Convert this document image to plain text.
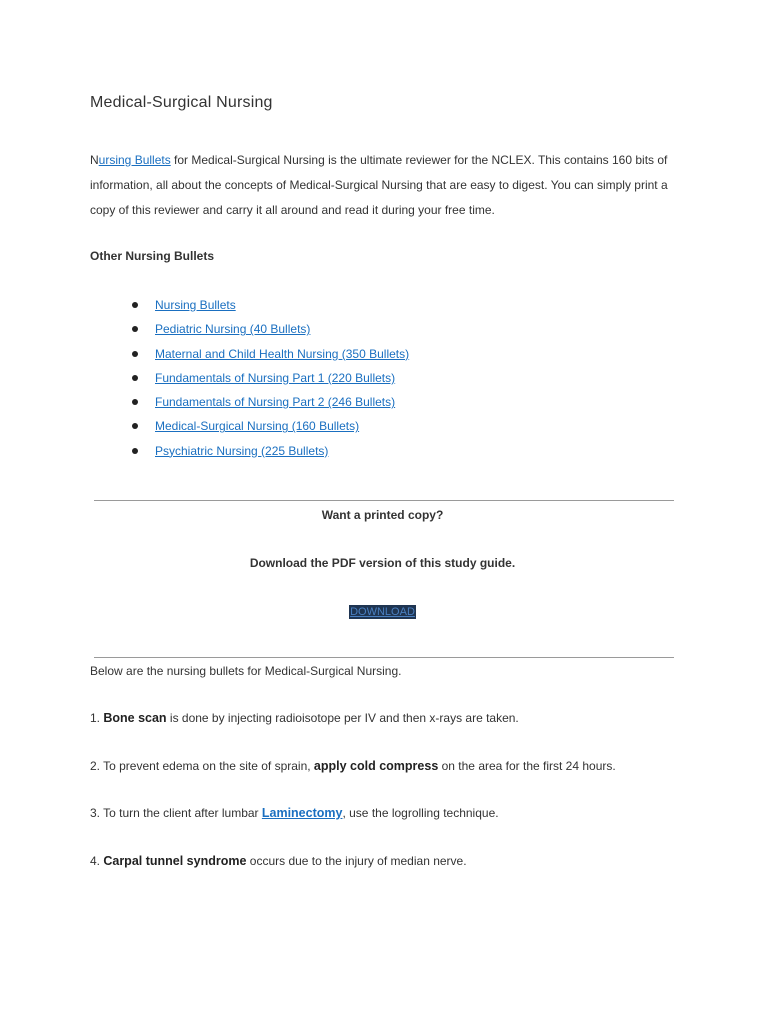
Medical-Surgical Nursing

Nursing Bullets for Medical-Surgical Nursing is the ultimate reviewer for the NCLEX. This contains 160 bits of information, all about the concepts of Medical-Surgical Nursing that are easy to digest. You can simply print a copy of this reviewer and carry it all around and read it during your free time.

Other Nursing Bullets

Nursing Bullets
Pediatric Nursing (40 Bullets)
Maternal and Child Health Nursing (350 Bullets)
Fundamentals of Nursing Part 1 (220 Bullets)
Fundamentals of Nursing Part 2 (246 Bullets)
Medical-Surgical Nursing (160 Bullets)
Psychiatric Nursing (225 Bullets)

Want a printed copy?

Download the PDF version of this study guide.

DOWNLOAD

Below are the nursing bullets for Medical-Surgical Nursing.

1. Bone scan is done by injecting radioisotope per IV and then x-rays are taken.

2. To prevent edema on the site of sprain, apply cold compress on the area for the first 24 hours.

3. To turn the client after lumbar Laminectomy, use the logrolling technique.

4. Carpal tunnel syndrome occurs due to the injury of median nerve.
